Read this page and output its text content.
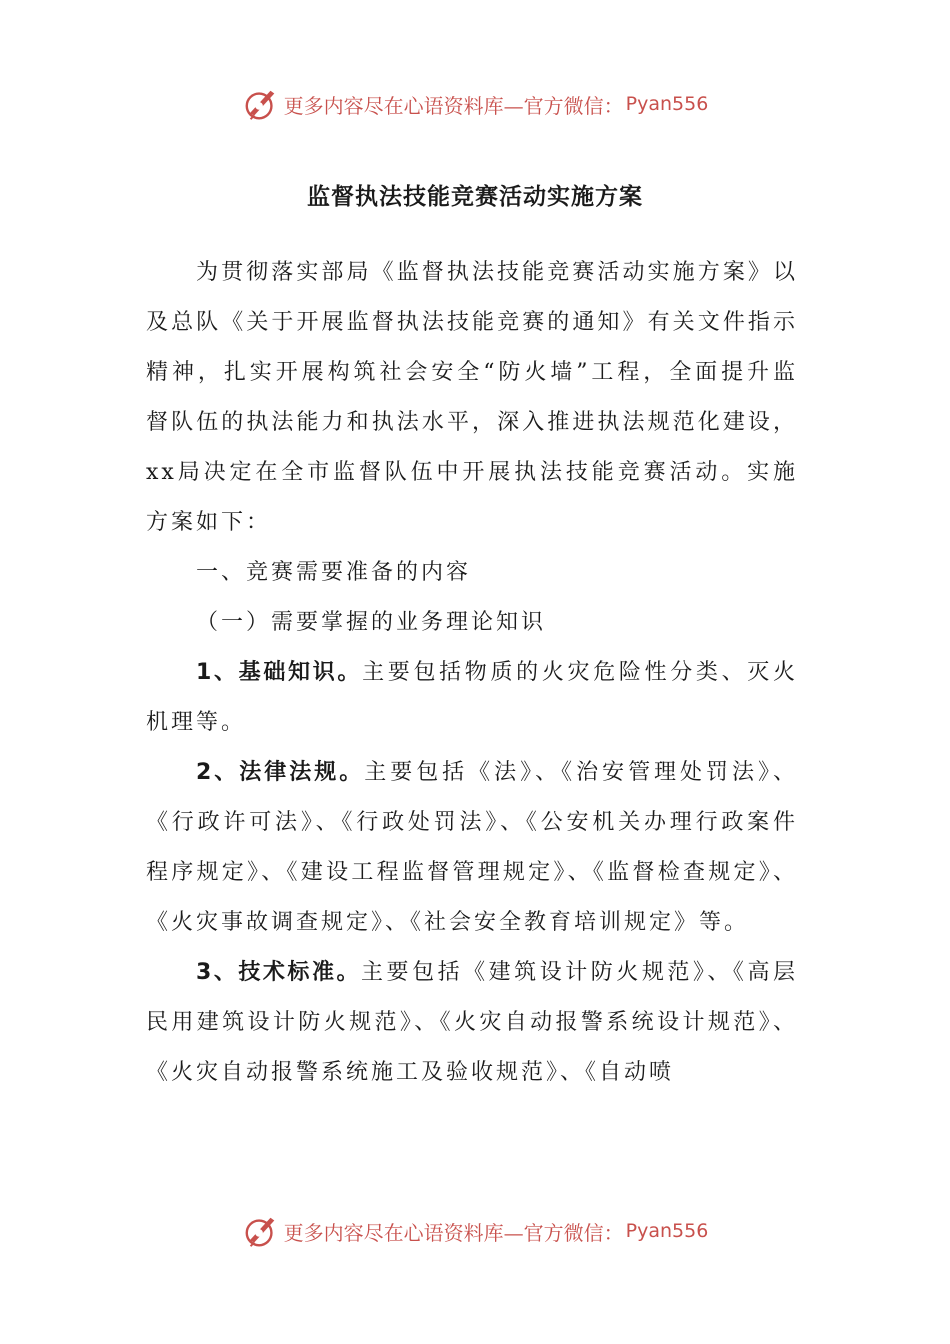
更多内容尽在心语资料库—官方微信： Pyan556
监督执法技能竞赛活动实施方案

为贯彻落实部局《监督执法技能竞赛活动实施方案》以及总队《关于开展监督执法技能竞赛的通知》有关文件指示精神，扎实开展构筑社会安全“防火墙”工程，全面提升监督队伍的执法能力和执法水平，深入推进执法规范化建设，xx局决定在全市监督队伍中开展执法技能竞赛活动。实施方案如下：

一、竞赛需要准备的内容

（一）需要掌握的业务理论知识

1、基础知识。主要包括物质的火灾危险性分类、灭火机理等。

2、法律法规。主要包括《法》、《治安管理处罚法》、《行政许可法》、《行政处罚法》、《公安机关办理行政案件程序规定》、《建设工程监督管理规定》、《监督检查规定》、《火灾事故调查规定》、《社会安全教育培训规定》等。

3、技术标准。主要包括《建筑设计防火规范》、《高层民用建筑设计防火规范》、《火灾自动报警系统设计规范》、《火灾自动报警系统施工及验收规范》、《自动喷

更多内容尽在心语资料库—官方微信： Pyan556
